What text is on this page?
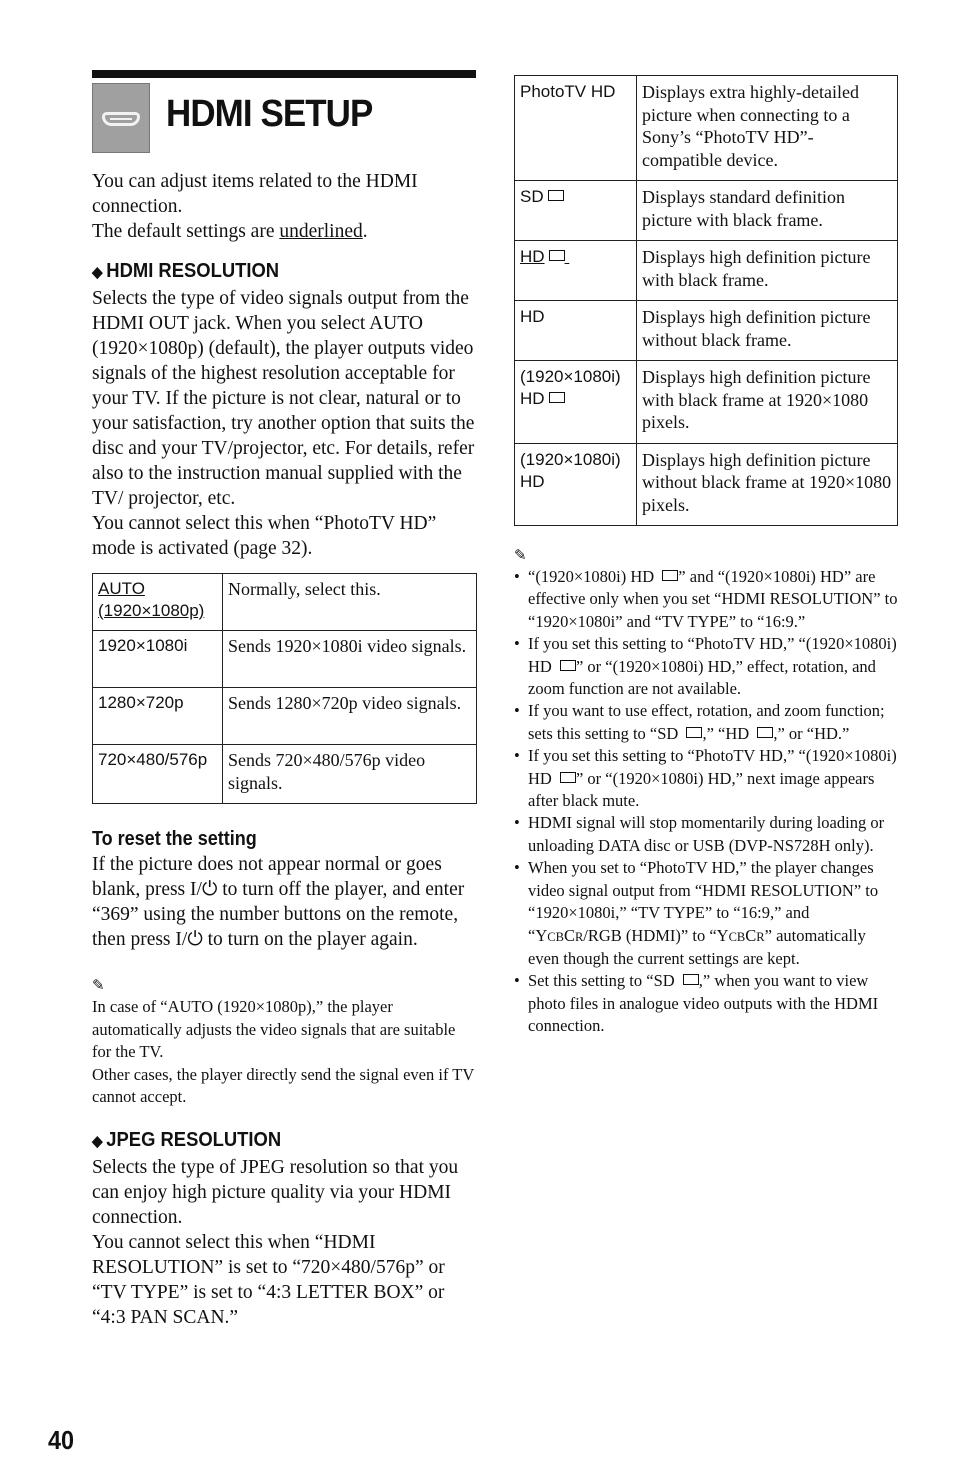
HDMI SETUP

You can adjust items related to the HDMI connection.

The default settings are underlined.

◆ HDMI RESOLUTION

Selects the type of video signals output from the HDMI OUT jack. When you select AUTO (1920×1080p) (default), the player outputs video signals of the highest resolution acceptable for your TV. If the picture is not clear, natural or to your satisfaction, try another option that suits the disc and your TV/projector, etc. For details, refer also to the instruction manual supplied with the TV/ projector, etc.

You cannot select this when “PhotoTV HD” mode is activated (page 32).

AUTO
(1920×1080p)	Normally, select this.
1920×1080i	Sends 1920×1080i video signals.
1280×720p	Sends 1280×720p video signals.
720×480/576p	Sends 720×480/576p video signals.
To reset the setting

If the picture does not appear normal or goes blank, press I/⏻ to turn off the player, and enter “369” using the number buttons on the remote, then press I/⏻ to turn on the player again.

✎

In case of “AUTO (1920×1080p),” the player automatically adjusts the video signals that are suitable for the TV.

Other cases, the player directly send the signal even if TV cannot accept.

◆ JPEG RESOLUTION

Selects the type of JPEG resolution so that you can enjoy high picture quality via your HDMI connection.

You cannot select this when “HDMI RESOLUTION” is set to “720×480/576p” or “TV TYPE” is set to “4:3 LETTER BOX” or “4:3 PAN SCAN.”

PhotoTV HD	Displays extra highly-detailed picture when connecting to a Sony’s “PhotoTV HD”-compatible device.
SD	Displays standard definition picture with black frame.
HD	Displays high definition picture with black frame.
HD	Displays high definition picture without black frame.
(1920×1080i)
HD	Displays high definition picture with black frame at 1920×1080 pixels.
(1920×1080i)
HD	Displays high definition picture without black frame at 1920×1080 pixels.
✎
• “(1920×1080i) HD ” and “(1920×1080i) HD” are effective only when you set “HDMI RESOLUTION” to “1920×1080i” and “TV TYPE” to “16:9.”
• If you set this setting to “PhotoTV HD,” “(1920×1080i) HD ” or “(1920×1080i) HD,” effect, rotation, and zoom function are not available.
• If you want to use effect, rotation, and zoom function; sets this setting to “SD ,” “HD ,” or “HD.”
• If you set this setting to “PhotoTV HD,” “(1920×1080i) HD ” or “(1920×1080i) HD,” next image appears after black mute.
• HDMI signal will stop momentarily during loading or unloading DATA disc or USB (DVP-NS728H only).
• When you set to “PhotoTV HD,” the player changes video signal output from “HDMI RESOLUTION” to “1920×1080i,” “TV TYPE” to “16:9,” and “YCBCR/RGB (HDMI)” to “YCBCR” automatically even though the current settings are kept.
• Set this setting to “SD ,” when you want to view photo files in analogue video outputs with the HDMI connection.
40
